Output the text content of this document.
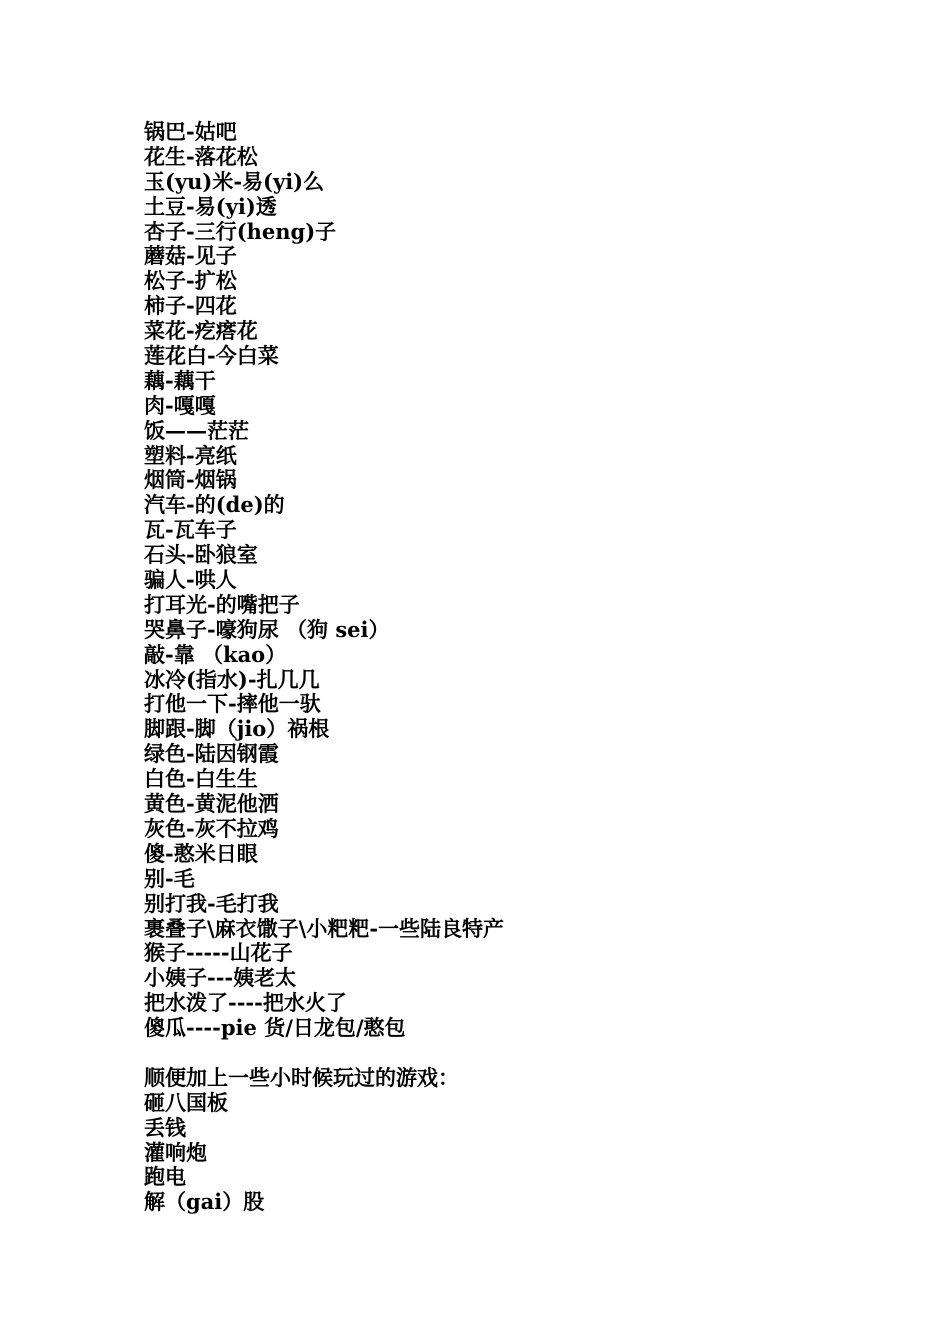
锅巴-姑吧
花生-落花松
玉(yu)米-易(yi)么
土豆-易(yi)透
杏子-三行(heng)子
蘑菇-见子
松子-扩松
柿子-四花
菜花-疙瘩花
莲花白-今白菜
藕-藕干
肉-嘎嘎
饭——茫茫
塑料-亮纸
烟筒-烟锅
汽车-的(de)的
瓦-瓦车子
石头-卧狼室
骗人-哄人
打耳光-的嘴把子
哭鼻子-嚎狗尿 （狗 sei）
敲-靠 （kao）
冰冷(指水)-扎几几
打他一下-摔他一驮
脚跟-脚（jio）祸根
绿色-陆因钢霞
白色-白生生
黄色-黄泥他洒
灰色-灰不拉鸡
傻-憨米日眼
别-毛
别打我-毛打我
裹叠子\麻衣馓子\小粑粑-一些陆良特产
猴子-----山花子
小姨子---姨老太
把水泼了----把水火了
傻瓜----pie 货/日龙包/憨包
顺便加上一些小时候玩过的游戏：
砸八国板
丢钱
灌响炮
跑电
解（gai）股
